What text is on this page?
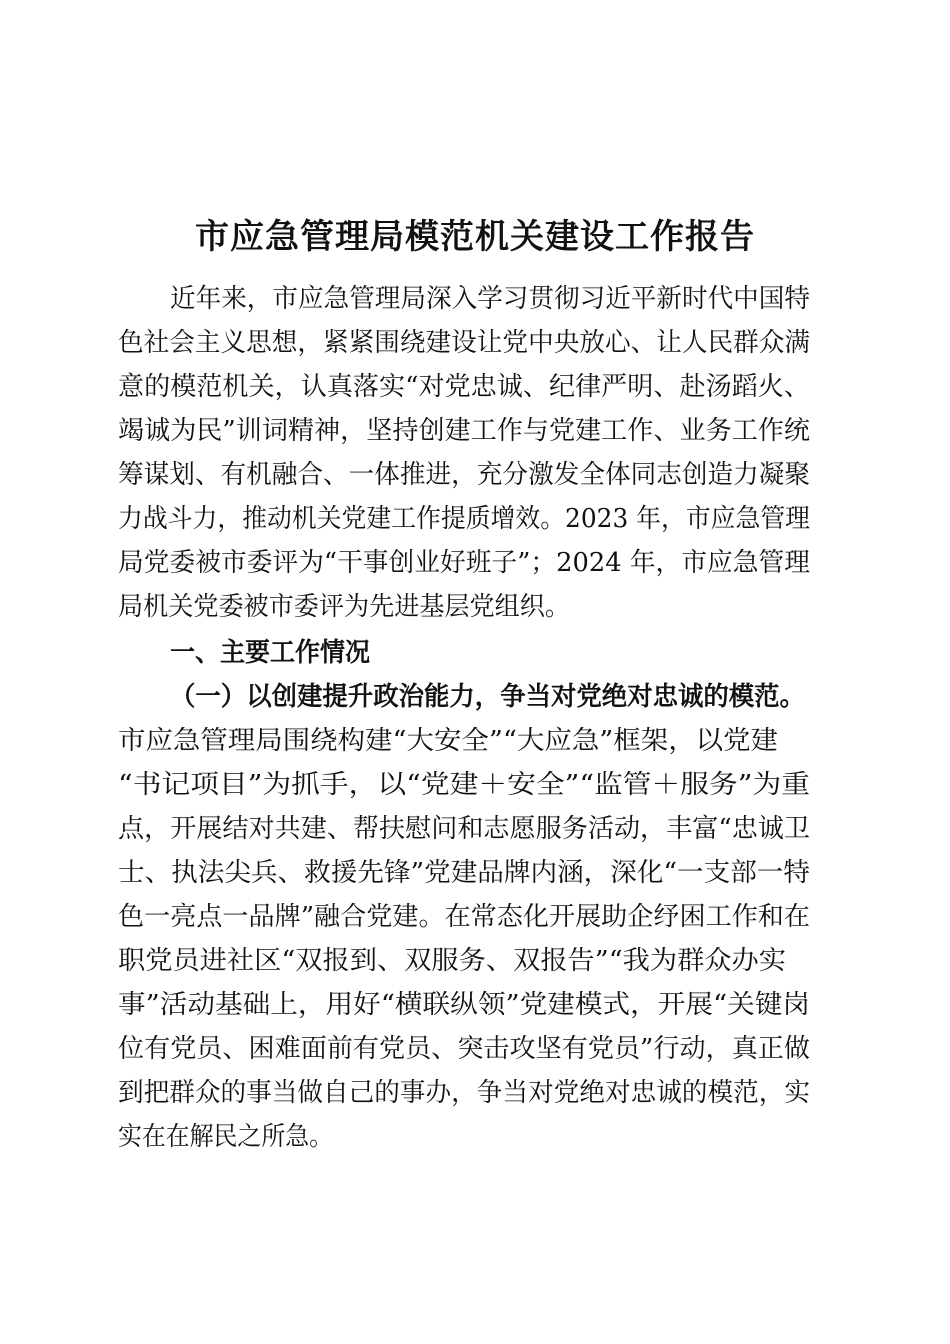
市应急管理局模范机关建设工作报告
近年来，市应急管理局深入学习贯彻习近平新时代中国特
色社会主义思想，紧紧围绕建设让党中央放心、让人民群众满
意的模范机关，认真落实“对党忠诚、纪律严明、赴汤蹈火、
竭诚为民”训词精神，坚持创建工作与党建工作、业务工作统
筹谋划、有机融合、一体推进，充分激发全体同志创造力凝聚
力战斗力，推动机关党建工作提质增效。2023 年，市应急管理
局党委被市委评为“干事创业好班子”；2024 年，市应急管理
局机关党委被市委评为先进基层党组织。
一、主要工作情况
（一）以创建提升政治能力，争当对党绝对忠诚的模范。
市应急管理局围绕构建“大安全”“大应急”框架，以党建
“书记项目”为抓手，以“党建＋安全”“监管＋服务”为重
点，开展结对共建、帮扶慰问和志愿服务活动，丰富“忠诚卫
士、执法尖兵、救援先锋”党建品牌内涵，深化“一支部一特
色一亮点一品牌”融合党建。在常态化开展助企纾困工作和在
职党员进社区“双报到、双服务、双报告”“我为群众办实
事”活动基础上，用好“横联纵领”党建模式，开展“关键岗
位有党员、困难面前有党员、突击攻坚有党员”行动，真正做
到把群众的事当做自己的事办，争当对党绝对忠诚的模范，实
实在在解民之所急。
